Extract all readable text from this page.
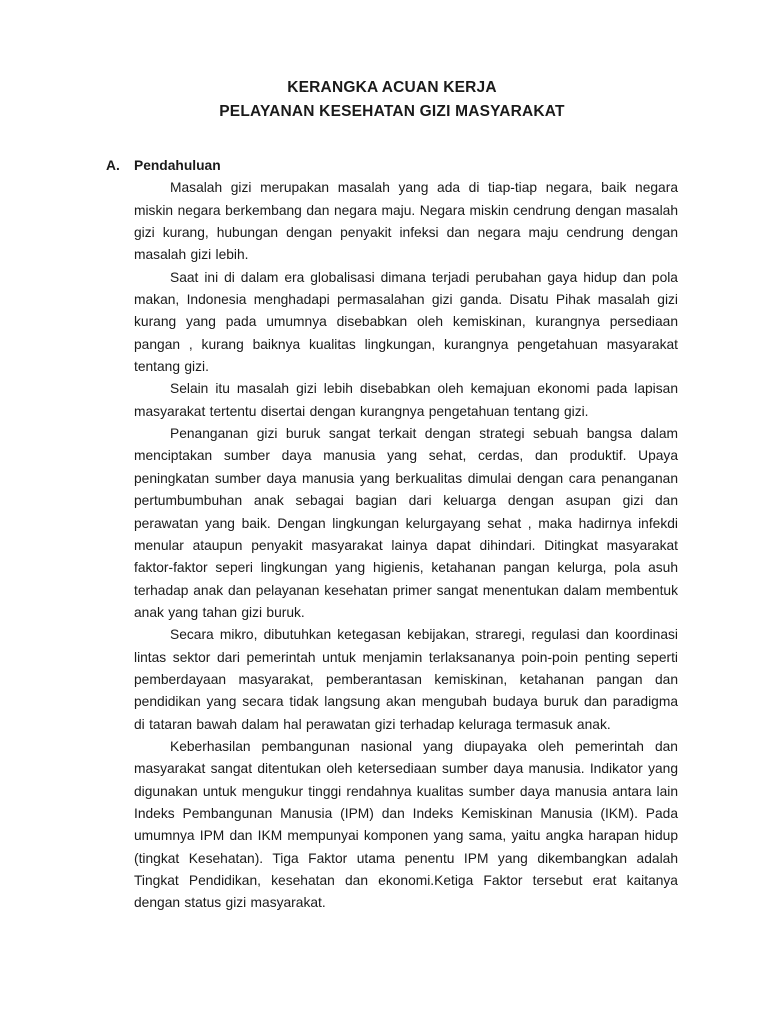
KERANGKA ACUAN KERJA
PELAYANAN KESEHATAN GIZI MASYARAKAT
A.	Pendahuluan

Masalah gizi merupakan masalah yang ada di tiap-tiap negara, baik negara miskin negara berkembang dan negara maju. Negara miskin cendrung dengan masalah gizi kurang, hubungan dengan penyakit infeksi dan negara maju cendrung dengan masalah gizi lebih.

Saat ini di dalam era globalisasi dimana terjadi perubahan gaya hidup dan pola makan, Indonesia menghadapi permasalahan gizi ganda. Disatu Pihak masalah gizi kurang yang pada umumnya disebabkan oleh kemiskinan, kurangnya persediaan pangan , kurang baiknya kualitas lingkungan, kurangnya pengetahuan masyarakat tentang gizi.

Selain itu masalah gizi lebih disebabkan oleh kemajuan ekonomi pada lapisan masyarakat tertentu disertai dengan kurangnya pengetahuan tentang gizi.

Penanganan gizi buruk sangat terkait dengan strategi sebuah bangsa dalam menciptakan sumber daya manusia yang sehat, cerdas, dan produktif. Upaya peningkatan sumber daya manusia yang berkualitas dimulai dengan cara penanganan pertumbumbuhan anak sebagai bagian dari keluarga dengan asupan gizi dan perawatan yang baik. Dengan lingkungan kelurgayang sehat , maka hadirnya infekdi menular ataupun penyakit masyarakat lainya dapat dihindari. Ditingkat masyarakat faktor-faktor seperi lingkungan yang higienis, ketahanan pangan kelurga, pola asuh terhadap anak dan pelayanan kesehatan primer sangat menentukan dalam membentuk anak yang tahan gizi buruk.

Secara mikro, dibutuhkan ketegasan kebijakan, straregi, regulasi dan koordinasi lintas sektor dari pemerintah untuk menjamin terlaksananya poin-poin penting seperti pemberdayaan masyarakat, pemberantasan kemiskinan, ketahanan pangan dan pendidikan yang secara tidak langsung akan mengubah budaya buruk dan paradigma di tataran bawah dalam hal perawatan gizi terhadap keluraga termasuk anak.

Keberhasilan pembangunan nasional yang diupayaka oleh pemerintah dan masyarakat sangat ditentukan oleh ketersediaan sumber daya manusia. Indikator yang digunakan untuk mengukur tinggi rendahnya kualitas sumber daya manusia antara lain Indeks Pembangunan Manusia (IPM) dan Indeks Kemiskinan Manusia (IKM). Pada umumnya IPM dan IKM mempunyai komponen yang sama, yaitu angka harapan hidup (tingkat Kesehatan). Tiga Faktor utama penentu IPM yang dikembangkan adalah Tingkat Pendidikan, kesehatan dan ekonomi.Ketiga Faktor tersebut erat kaitanya dengan status gizi masyarakat.
